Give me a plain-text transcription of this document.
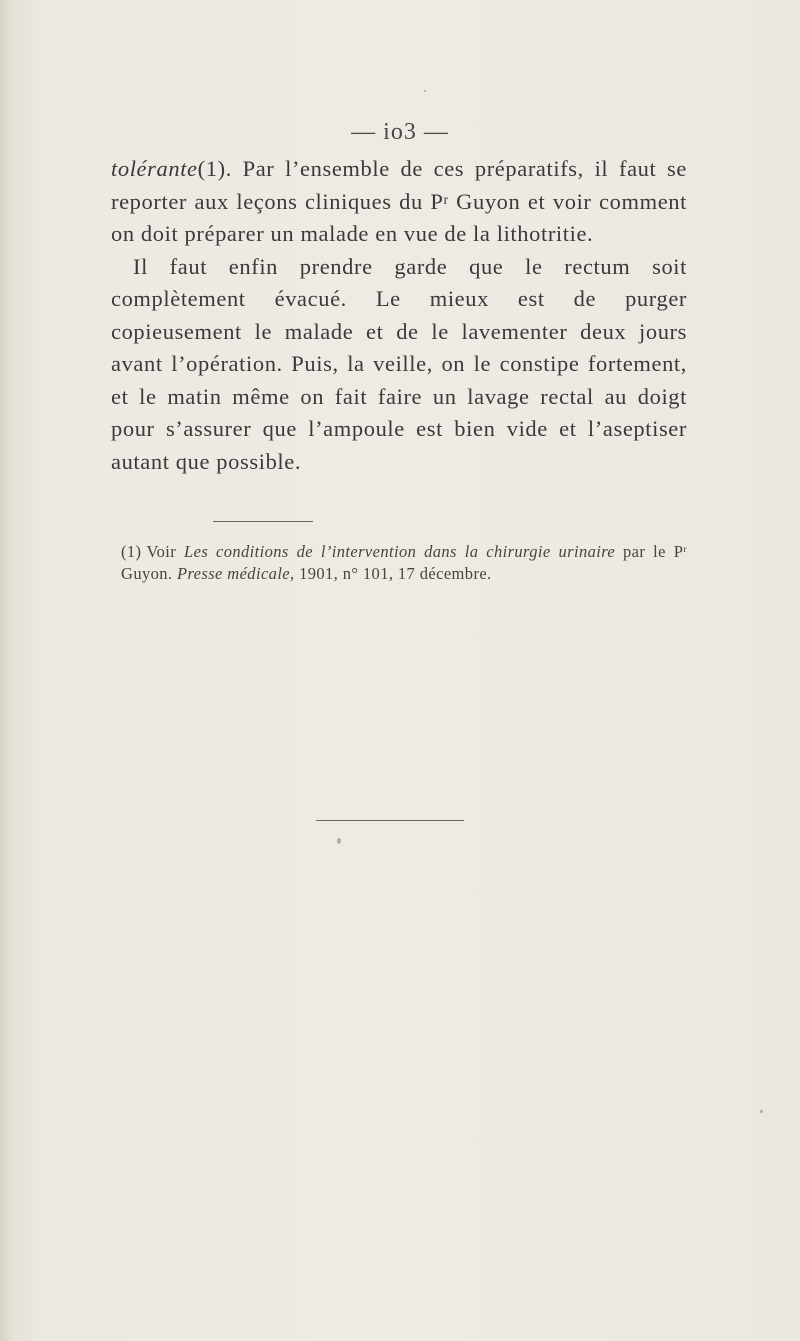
— io3 —

tolérante(1). Par l’ensemble de ces préparatifs, il faut se reporter aux leçons cliniques du $P^r$ Guyon et voir comment on doit préparer un malade en vue de la lithotritie.

Il faut enfin prendre garde que le rectum soit complètement évacué. Le mieux est de purger copieusement le malade et de le lavementer deux jours avant l’opération. Puis, la veille, on le constipe fortement, et le matin même on fait faire un lavage rectal au doigt pour s’assurer que l’ampoule est bien vide et l’aseptiser autant que possible.

(1) Voir Les conditions de l’intervention dans la chirurgie urinaire par le $P^r$ Guyon. Presse médicale, 1901, n° 101, 17 décembre.
